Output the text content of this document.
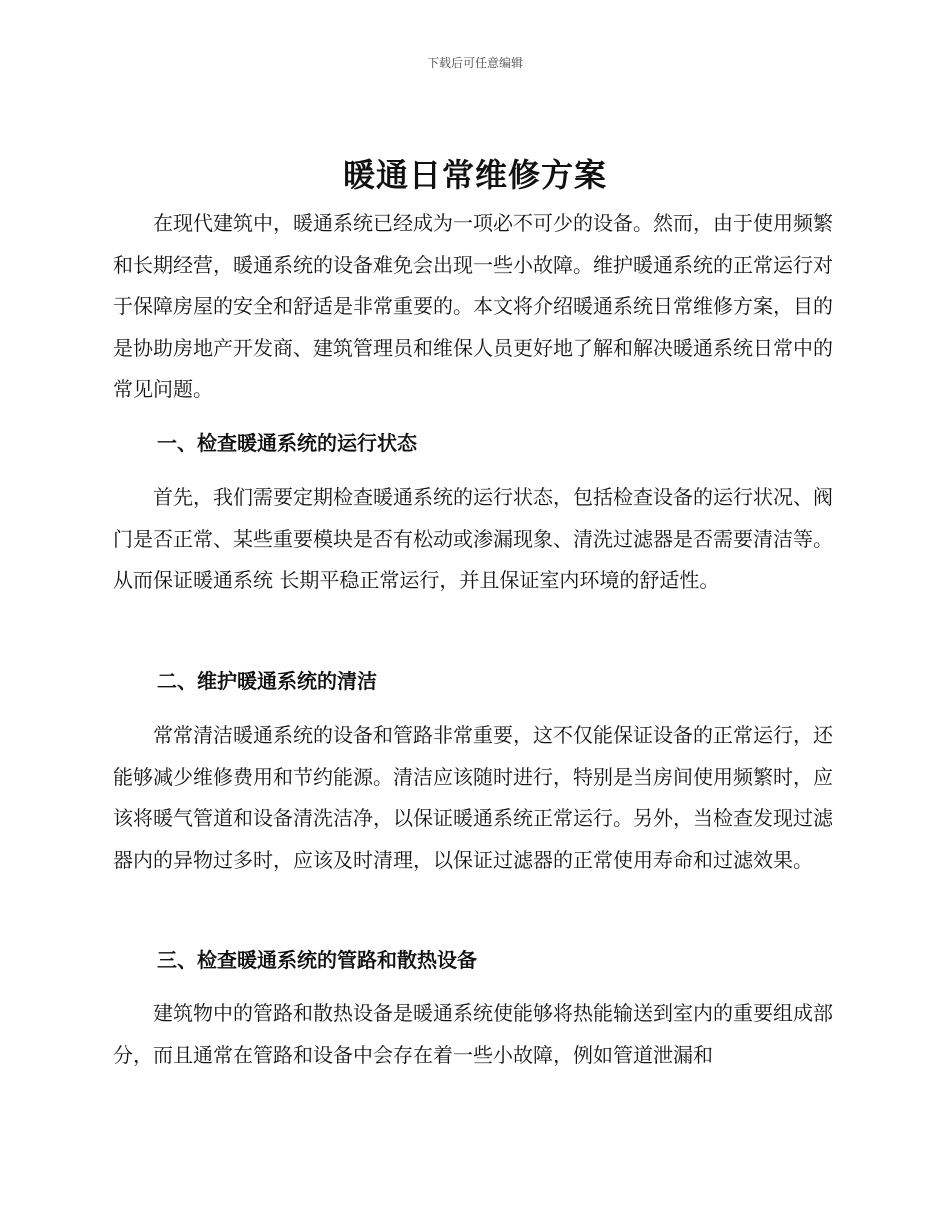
下载后可任意编辑
暖通日常维修方案

在现代建筑中，暖通系统已经成为一项必不可少的设备。然而，由于使用频繁和长期经营，暖通系统的设备难免会出现一些小故障。维护暖通系统的正常运行对于保障房屋的安全和舒适是非常重要的。本文将介绍暖通系统日常维修方案，目的是协助房地产开发商、建筑管理员和维保人员更好地了解和解决暖通系统日常中的常见问题。

一、检查暖通系统的运行状态

首先，我们需要定期检查暖通系统的运行状态，包括检查设备的运行状况、阀门是否正常、某些重要模块是否有松动或渗漏现象、清洗过滤器是否需要清洁等。从而保证暖通系统 长期平稳正常运行，并且保证室内环境的舒适性。

二、维护暖通系统的清洁

常常清洁暖通系统的设备和管路非常重要，这不仅能保证设备的正常运行，还能够减少维修费用和节约能源。清洁应该随时进行，特别是当房间使用频繁时，应该将暖气管道和设备清洗洁净，以保证暖通系统正常运行。另外，当检查发现过滤器内的异物过多时，应该及时清理，以保证过滤器的正常使用寿命和过滤效果。

三、检查暖通系统的管路和散热设备

建筑物中的管路和散热设备是暖通系统使能够将热能输送到室内的重要组成部分，而且通常在管路和设备中会存在着一些小故障，例如管道泄漏和
